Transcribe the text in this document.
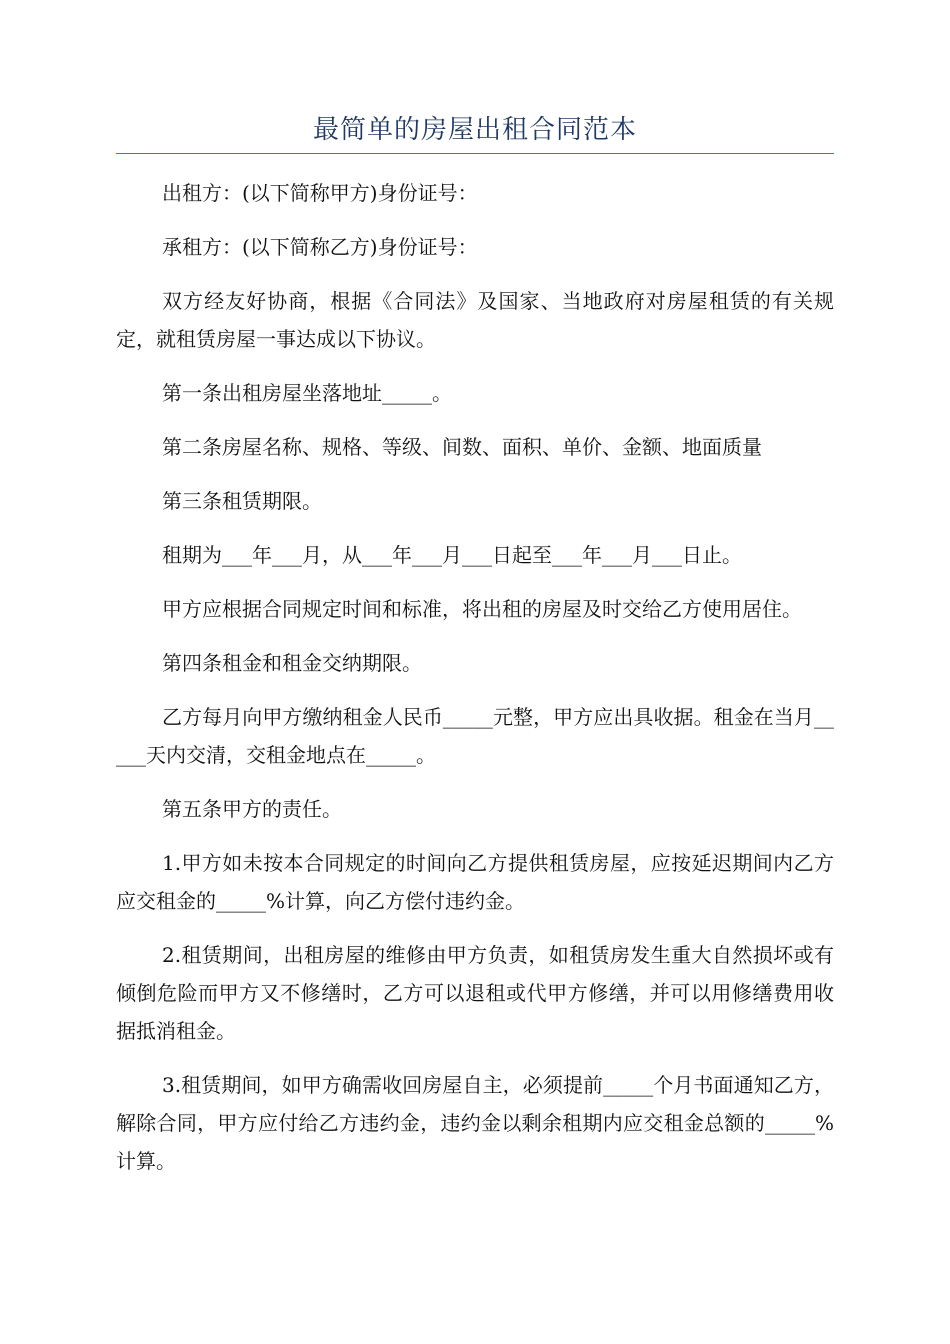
最简单的房屋出租合同范本

出租方：(以下简称甲方)身份证号：

承租方：(以下简称乙方)身份证号：

双方经友好协商，根据《合同法》及国家、当地政府对房屋租赁的有关规定，就租赁房屋一事达成以下协议。

第一条出租房屋坐落地址_____。

第二条房屋名称、规格、等级、间数、面积、单价、金额、地面质量

第三条租赁期限。

租期为___年___月，从___年___月___日起至___年___月___日止。

甲方应根据合同规定时间和标准，将出租的房屋及时交给乙方使用居住。

第四条租金和租金交纳期限。

乙方每月向甲方缴纳租金人民币_____元整，甲方应出具收据。租金在当月_____天内交清，交租金地点在_____。

第五条甲方的责任。

1.甲方如未按本合同规定的时间向乙方提供租赁房屋，应按延迟期间内乙方应交租金的_____%计算，向乙方偿付违约金。

2.租赁期间，出租房屋的维修由甲方负责，如租赁房发生重大自然损坏或有倾倒危险而甲方又不修缮时，乙方可以退租或代甲方修缮，并可以用修缮费用收据抵消租金。

3.租赁期间，如甲方确需收回房屋自主，必须提前_____个月书面通知乙方，解除合同，甲方应付给乙方违约金，违约金以剩余租期内应交租金总额的_____%计算。
